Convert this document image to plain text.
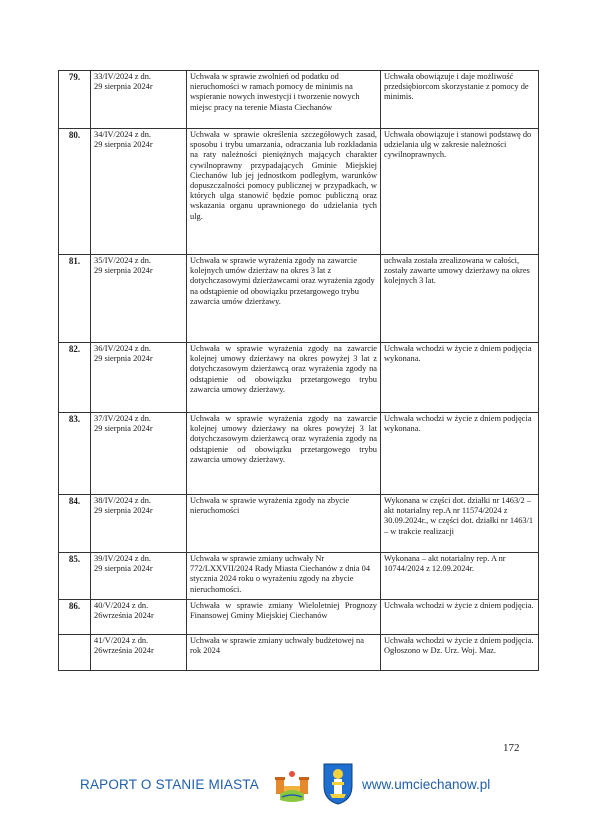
79.	33/IV/2024 z dn.
29 sierpnia 2024r	Uchwała w sprawie zwolnień od podatku od nieruchomości w ramach pomocy de minimis na wspieranie nowych inwestycji i tworzenie nowych miejsc pracy na terenie Miasta Ciechanów	Uchwała obowiązuje i daje możliwość przedsiębiorcom skorzystanie z pomocy de minimis.
80.	34/IV/2024 z dn.
29 sierpnia 2024r	Uchwała w sprawie określenia szczegółowych zasad, sposobu i trybu umarzania, odraczania lub rozkładania na raty należności pieniężnych mających charakter cywilnoprawny przypadających Gminie Miejskiej Ciechanów lub jej jednostkom podległym, warunków dopuszczalności pomocy publicznej w przypadkach, w których ulga stanowić będzie pomoc publiczną oraz wskazania organu uprawnionego do udzielania tych ulg.	Uchwała obowiązuje i stanowi podstawę do udzielania ulg w zakresie należności cywilnoprawnych.
81.	35/IV/2024 z dn.
29 sierpnia 2024r	Uchwała w sprawie wyrażenia zgody na zawarcie kolejnych umów dzierżaw na okres 3 lat z dotychczasowymi dzierżawcami oraz wyrażenia zgody na odstąpienie od obowiązku przetargowego trybu zawarcia umów dzierżawy.	uchwała została zrealizowana w całości, zostały zawarte umowy dzierżawy na okres kolejnych 3 lat.
82.	36/IV/2024 z dn.
29 sierpnia 2024r	Uchwała w sprawie wyrażenia zgody na zawarcie kolejnej umowy dzierżawy na okres powyżej 3 lat z dotychczasowym dzierżawcą oraz wyrażenia zgody na odstąpienie od obowiązku przetargowego trybu zawarcia umowy dzierżawy.	Uchwała wchodzi w życie z dniem podjęcia wykonana.
83.	37/IV/2024 z dn.
29 sierpnia 2024r	Uchwała w sprawie wyrażenia zgody na zawarcie kolejnej umowy dzierżawy na okres powyżej 3 lat dotychczasowym dzierżawcą oraz wyrażenia zgody na odstąpienie od obowiązku przetargowego trybu zawarcia umowy dzierżawy.	Uchwała wchodzi w życie z dniem podjęcia wykonana.
84.	38/IV/2024 z dn.
29 sierpnia 2024r	Uchwała w sprawie wyrażenia zgody na zbycie nieruchomości	Wykonana w części dot. działki nr 1463/2 – akt notarialny rep.A nr 11574/2024 z 30.09.2024r., w części dot. działki nr 1463/1 – w trakcie realizacji
85.	39/IV/2024 z dn.
29 sierpnia 2024r	Uchwała w sprawie zmiany uchwały Nr 772/LXXVII/2024 Rady Miasta Ciechanów z dnia 04 stycznia 2024 roku o wyrażeniu zgody na zbycie nieruchomości.	Wykonana – akt notarialny rep. A nr 10744/2024 z 12.09.2024r.
86.	40/V/2024 z dn.
26września 2024r	Uchwała w sprawie zmiany Wieloletniej Prognozy Finansowej Gminy Miejskiej Ciechanów	Uchwała wchodzi w życie z dniem podjęcia.

	41/V/2024 z dn.
26września 2024r	Uchwała w sprawie zmiany uchwały budżetowej na rok 2024	Uchwała wchodzi w życie z dniem podjęcia.
Ogłoszono w Dz. Urz. Woj. Maz.
172
RAPORT O STANIE MIASTA	www.umciechanow.pl
